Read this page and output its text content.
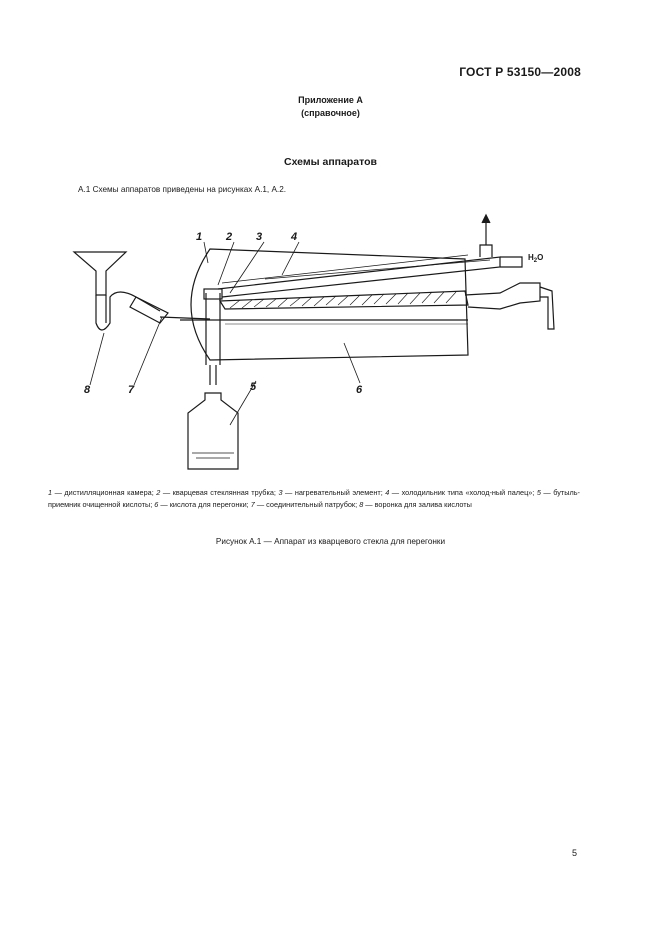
ГОСТ Р 53150—2008
Приложение А
(справочное)
Схемы аппаратов
А.1 Схемы аппаратов приведены на рисунках А.1, А.2.
1 2 3	4
5	6
7
8
$H_2O$
1 — дистилляционная камера; 2 — кварцевая стеклянная трубка; 3 — нагревательный элемент; 4 — холодильник типа «холод-ный палец»; 5 — бутыль-приемник очищенной кислоты; 6 — кислота для перегонки; 7 — соединительный патрубок; 8 — воронка для залива кислоты
Рисунок А.1 — Аппарат из кварцевого стекла для перегонки
5
